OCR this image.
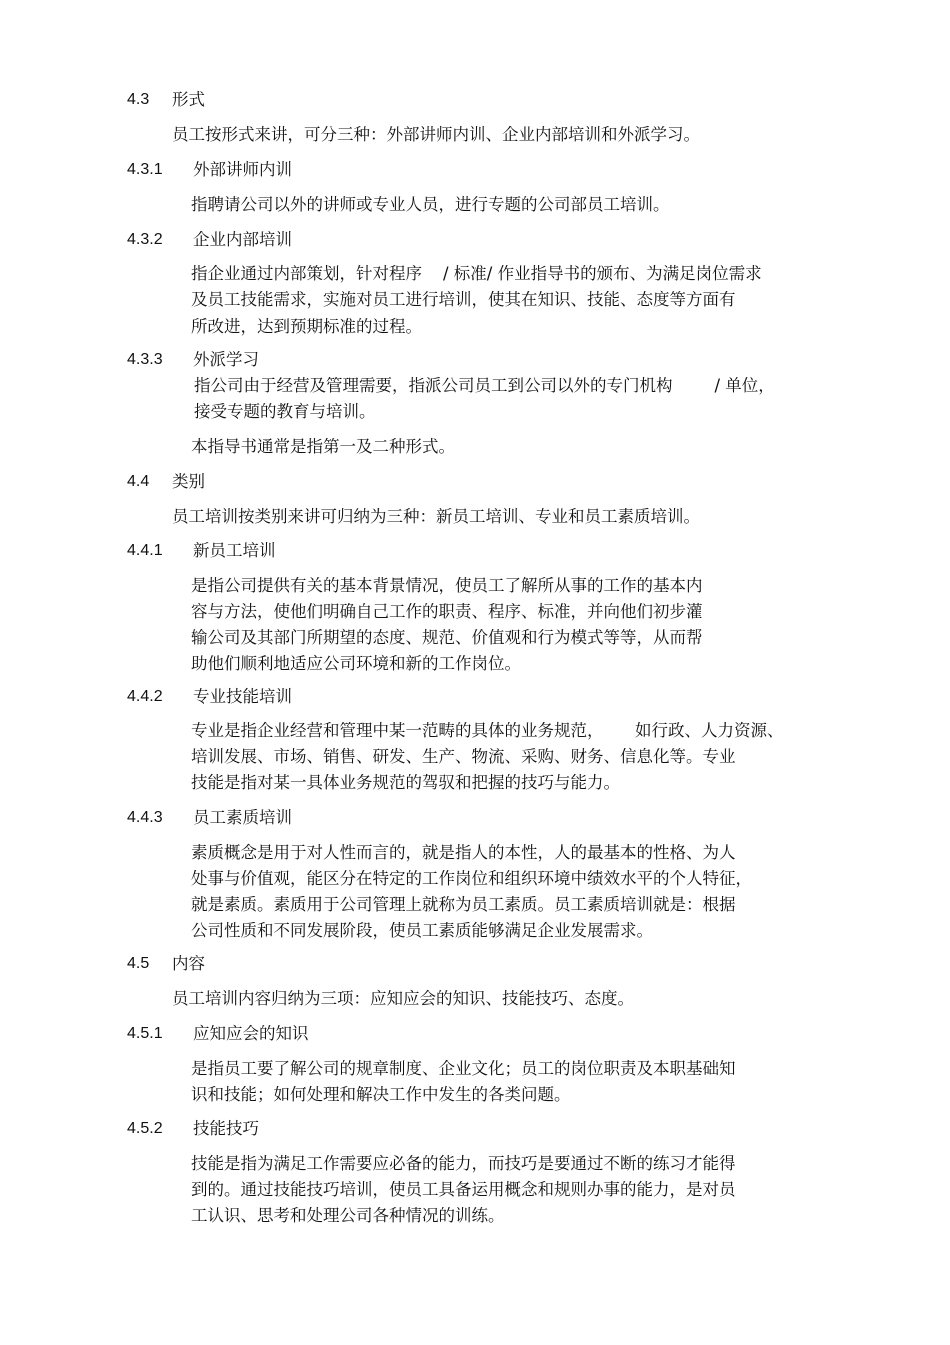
4.3 形式
员工按形式来讲，可分三种：外部讲师内训、企业内部培训和外派学习。
4.3.1 外部讲师内训
指聘请公司以外的讲师或专业人员，进行专题的公司部员工培训。
4.3.2 企业内部培训
指企业通过内部策划，针对程序    / 标准/ 作业指导书的颁布、为满足岗位需求
及员工技能需求，实施对员工进行培训，使其在知识、技能、态度等方面有
所改进，达到预期标准的过程。
4.3.3 外派学习
指公司由于经营及管理需要，指派公司员工到公司以外的专门机构        / 单位，
接受专题的教育与培训。
本指导书通常是指第一及二种形式。
4.4 类别
员工培训按类别来讲可归纳为三种：新员工培训、专业和员工素质培训。
4.4.1 新员工培训
是指公司提供有关的基本背景情况，使员工了解所从事的工作的基本内
容与方法，使他们明确自己工作的职责、程序、标准，并向他们初步灌
输公司及其部门所期望的态度、规范、价值观和行为模式等等，从而帮
助他们顺利地适应公司环境和新的工作岗位。
4.4.2 专业技能培训
专业是指企业经营和管理中某一范畴的具体的业务规范，      如行政、人力资源、
培训发展、市场、销售、研发、生产、物流、采购、财务、信息化等。专业
技能是指对某一具体业务规范的驾驭和把握的技巧与能力。
4.4.3 员工素质培训
素质概念是用于对人性而言的，就是指人的本性，人的最基本的性格、为人
处事与价值观，能区分在特定的工作岗位和组织环境中绩效水平的个人特征，
就是素质。素质用于公司管理上就称为员工素质。员工素质培训就是：根据
公司性质和不同发展阶段，使员工素质能够满足企业发展需求。
4.5 内容
员工培训内容归纳为三项：应知应会的知识、技能技巧、态度。
4.5.1 应知应会的知识
是指员工要了解公司的规章制度、企业文化；员工的岗位职责及本职基础知
识和技能；如何处理和解决工作中发生的各类问题。
4.5.2 技能技巧
技能是指为满足工作需要应必备的能力，而技巧是要通过不断的练习才能得
到的。通过技能技巧培训，使员工具备运用概念和规则办事的能力，是对员
工认识、思考和处理公司各种情况的训练。
